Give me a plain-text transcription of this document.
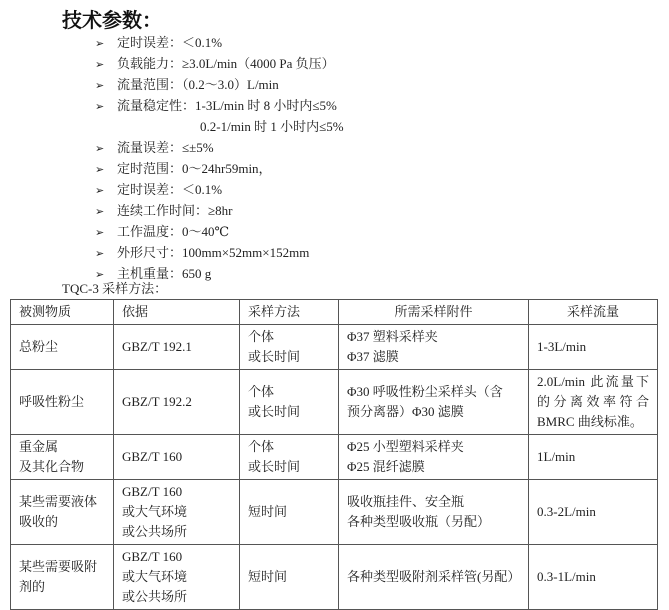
技术参数：
➢ 定时误差：＜0.1%
➢ 负载能力：≥3.0L/min（4000 Pa 负压）
➢ 流量范围：（0.2～3.0）L/min
➢ 流量稳定性：1-3L/min 时 8 小时内≤5%
0.2-1/min 时 1 小时内≤5%
➢ 流量误差：≤±5%
➢ 定时范围：0～24hr59min，
➢ 定时误差：＜0.1%
➢ 连续工作时间：≥8hr
➢ 工作温度：0～40℃
➢ 外形尺寸：100mm×52mm×152mm
➢ 主机重量：650 g
TQC-3 采样方法：
被测物质	依据	采样方法	所需采样附件	采样流量

总粉尘	GBZ/T 192.1	个体
或长时间	Φ37 塑料采样夹
Φ37 滤膜	1-3L/min

呼吸性粉尘	GBZ/T 192.2	个体
或长时间	Φ30 呼吸性粉尘采样头（含
预分离器）Φ30 滤膜	2.0L/min 此流量下
的分离效率符合
BMRC 曲线标准。

重金属
及其化合物	GBZ/T 160	个体
或长时间	Φ25 小型塑料采样夹
Φ25 混纤滤膜	1L/min

某些需要液体
吸收的	GBZ/T 160
或大气环境
或公共场所	短时间	吸收瓶挂件、安全瓶
各种类型吸收瓶（另配）	0.3-2L/min

某些需要吸附
剂的	GBZ/T 160
或大气环境
或公共场所	短时间	各种类型吸附剂采样管(另配）	0.3-1L/min
